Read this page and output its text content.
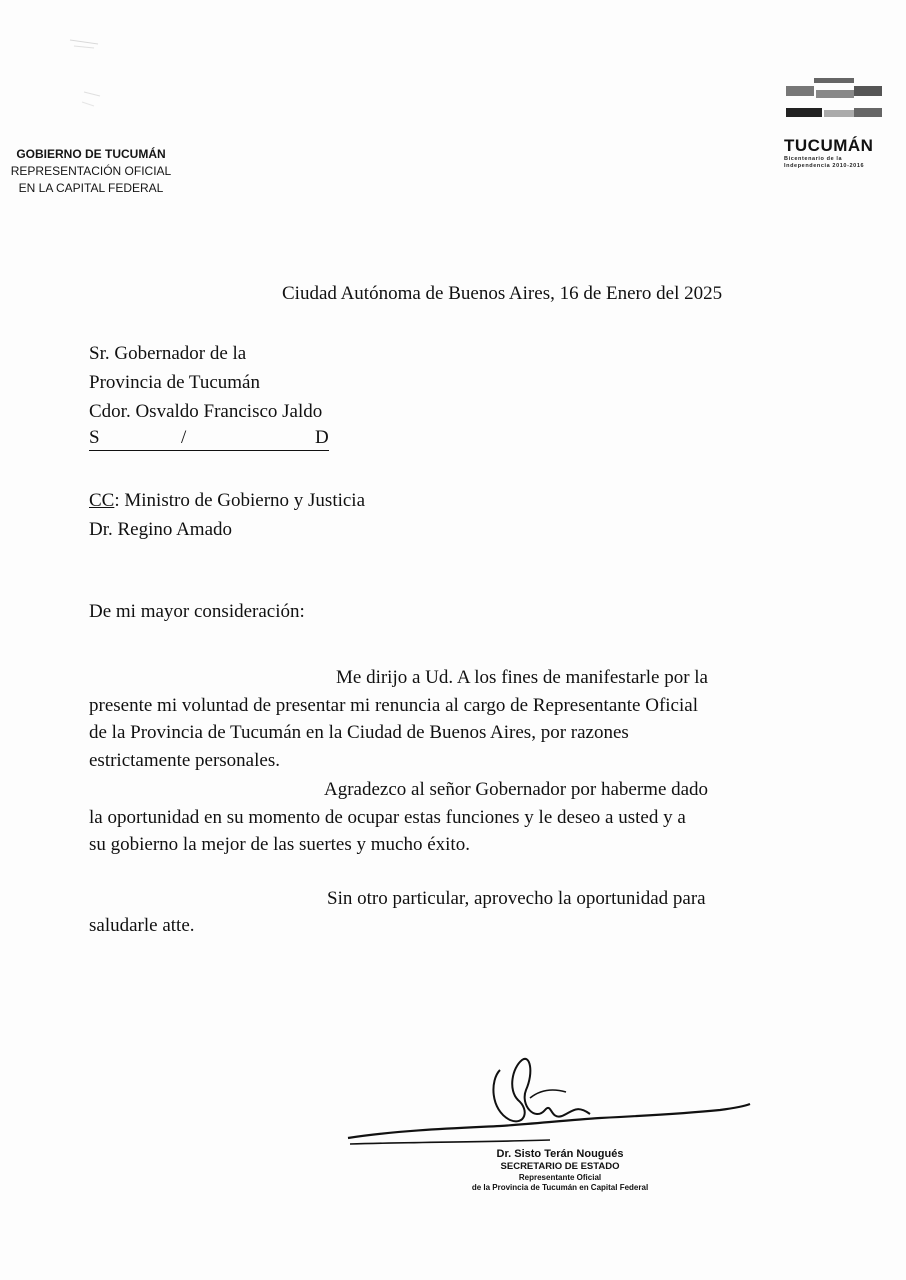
GOBIERNO DE TUCUMÁN
REPRESENTACIÓN OFICIAL
EN LA CAPITAL FEDERAL
TUCUMÁN
Bicentenario de la
Independencia 2010-2016
Ciudad Autónoma de Buenos Aires, 16 de Enero del 2025
Sr. Gobernador de la
Provincia de Tucumán
Cdor. Osvaldo Francisco Jaldo
S	/	D
CC: Ministro de Gobierno y Justicia
Dr. Regino Amado
De mi mayor consideración:

Me dirijo a Ud. A los fines de manifestarle por la

presente mi voluntad de presentar mi renuncia al cargo de Representante Oficial

de la Provincia de Tucumán en la Ciudad de Buenos Aires, por razones

estrictamente personales.

Agradezco al señor Gobernador por haberme dado

la oportunidad en su momento de ocupar estas funciones y le deseo a usted y a

su gobierno la mejor de las suertes y mucho éxito.

Sin otro particular, aprovecho la oportunidad para

saludarle atte.

Dr. Sisto Terán Nougués
SECRETARIO DE ESTADO
Representante Oficial
de la Provincia de Tucumán en Capital Federal
